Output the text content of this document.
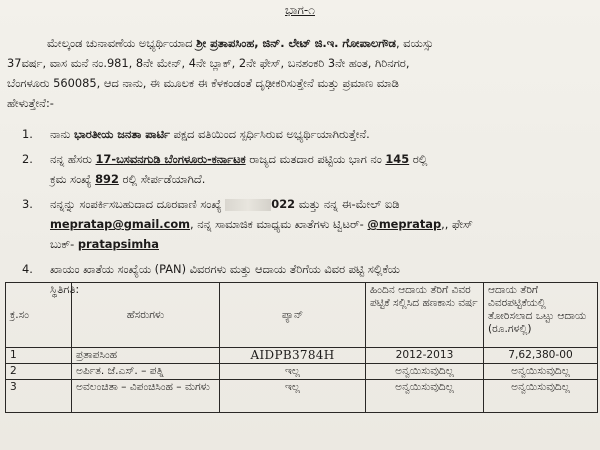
ಭಾಗ-೧
ಮೇಲ್ಕಂಡ ಚುನಾವಣೆಯ ಅಭ್ಯರ್ಥಿಯಾದ ಶ್ರೀ ಪ್ರತಾಪಸಿಂಹ, ಜಿನ್. ಲೇಟ್ ಜಿ.ಇ. ಗೋಪಾಲಗೌಡ, ವಯಸ್ಸು
37ವರ್ಷ, ವಾಸ ಮನೆ ನಂ.981, 8ನೇ ಮೇನ್, 4ನೇ ಬ್ಲಾಕ್, 2ನೇ ಫೇಸ್, ಬನಶಂಕರಿ 3ನೇ ಹಂತ, ಗಿರಿನಗರ,
ಬೆಂಗಳೂರು 560085, ಆದ ನಾನು, ಈ ಮೂಲಕ ಈ ಕೆಳಕಂಡಂತೆ ದೃಢೀಕರಿಸುತ್ತೇನೆ ಮತ್ತು ಪ್ರಮಾಣ ಮಾಡಿ
ಹೇಳುತ್ತೇನೆ:-
1.	ನಾನು ಭಾರತೀಯ ಜನತಾ ಪಾರ್ಟಿ ಪಕ್ಷದ ವತಿಯಿಂದ ಸ್ಪರ್ಧಿಸಿರುವ ಅಭ್ಯರ್ಥಿಯಾಗಿರುತ್ತೇನೆ.
2.	ನನ್ನ ಹೆಸರು 17-ಬಸವನಗುಡಿ ಬೆಂಗಳೂರು-ಕರ್ನಾಟಕ ರಾಜ್ಯದ ಮತದಾರ ಪಟ್ಟಿಯ ಭಾಗ ನಂ 145 ರಲ್ಲಿ
ಕ್ರಮ ಸಂಖ್ಯೆ 892 ರಲ್ಲಿ ಸೇರ್ಪಡೆಯಾಗಿದೆ.
3.	ನನ್ನನ್ನು ಸಂಪರ್ಕಿಸಬಹುದಾದ ದೂರವಾಣಿ ಸಂಖ್ಯೆ	022 ಮತ್ತು ನನ್ನ ಈ-ಮೇಲ್ ಐಡಿ
mepratap@gmail.com, ನನ್ನ ಸಾಮಾಜಿಕ ಮಾಧ್ಯಮ ಖಾತೆಗಳು ಟ್ವಿಟರ್- @mepratap,, ಫೇಸ್
ಬುಕ್- pratapsimha
4.	ಖಾಯಂ ಖಾತೆಯ ಸಂಖ್ಯೆಯ (PAN) ವಿವರಗಳು ಮತ್ತು ಆದಾಯ ತೆರಿಗೆಯ ವಿವರ ಪಟ್ಟಿ ಸಲ್ಲಿಕೆಯ
ಸ್ಥಿತಿಗತಿ:
ಕ್ರ.ಸಂ	ಹೆಸರುಗಳು	ಪ್ಯಾನ್	ಹಿಂದಿನ ಆದಾಯ ತೆರಿಗೆ ವಿವರ ಪಟ್ಟಿಕೆ ಸಲ್ಲಿಸಿದ ಹಣಕಾಸು ವರ್ಷ	ಆದಾಯ ತೆರಿಗೆ ವಿವರಪಟ್ಟಿಕೆಯಲ್ಲಿ ತೋರಿಸಲಾದ ಒಟ್ಟು ಆದಾಯ (ರೂ.ಗಳಲ್ಲಿ)
1	ಪ್ರತಾಪಸಿಂಹ	AIDPB3784H	2012-2013	7,62,380-00
2	ಅರ್ಪಿತ. ಜೆ.ಎಸ್. – ಪತ್ನಿ	ಇಲ್ಲ	ಅನ್ವಯಿಸುವುದಿಲ್ಲ	ಅನ್ವಯಿಸುವುದಿಲ್ಲ
3	ಅವಲಂಚಿತಾ – ವಿಪಂಚಿಸಿಂಹ – ಮಗಳು	ಇಲ್ಲ	ಅನ್ವಯಿಸುವುದಿಲ್ಲ	ಅನ್ವಯಿಸುವುದಿಲ್ಲ
